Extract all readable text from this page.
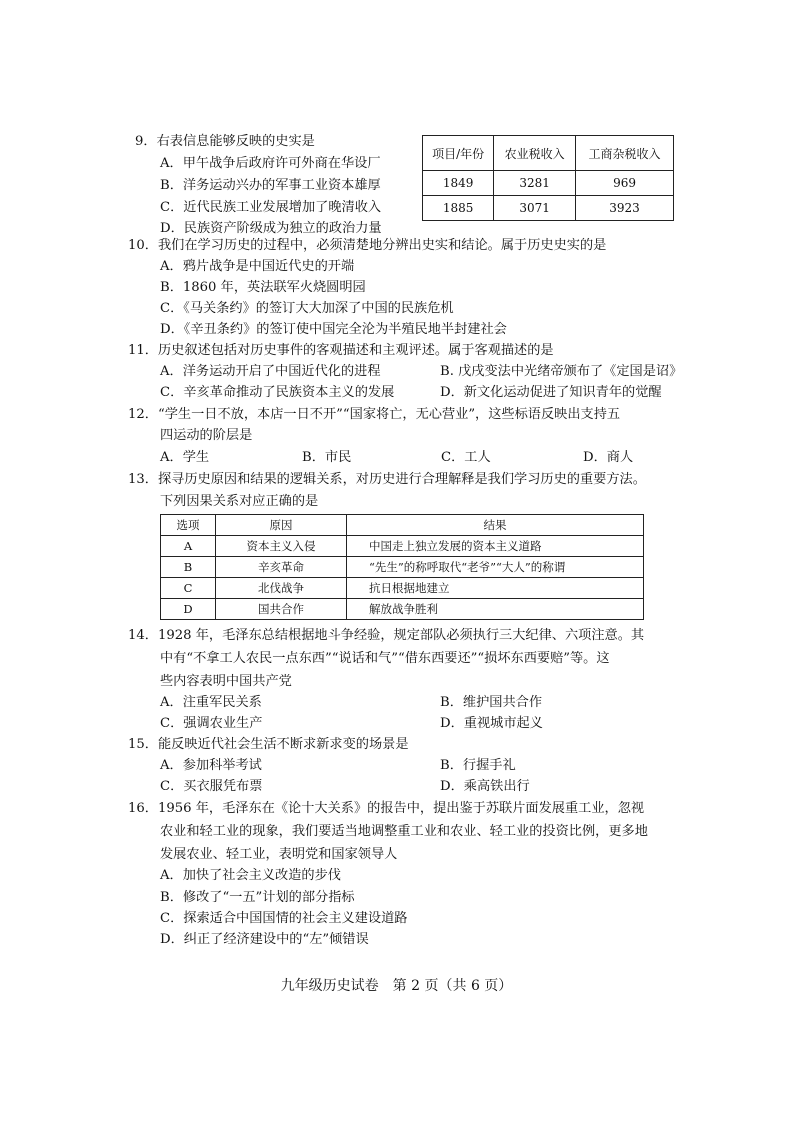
9．右表信息能够反映的史实是
A．甲午战争后政府许可外商在华设厂
B．洋务运动兴办的军事工业资本雄厚
C．近代民族工业发展增加了晚清收入
D．民族资产阶级成为独立的政治力量
项目/年份	农业税收入	工商杂税收入
1849	3281	969
1885	3071	3923
10．我们在学习历史的过程中，必须清楚地分辨出史实和结论。属于历史史实的是
A．鸦片战争是中国近代史的开端
B．1860 年，英法联军火烧圆明园
C．《马关条约》的签订大大加深了中国的民族危机
D．《辛丑条约》的签订使中国完全沦为半殖民地半封建社会
11．历史叙述包括对历史事件的客观描述和主观评述。属于客观描述的是
A．洋务运动开启了中国近代化的进程	B. 戊戌变法中光绪帝颁布了《定国是诏》
C．辛亥革命推动了民族资本主义的发展	D．新文化运动促进了知识青年的觉醒
12．“学生一日不放，本店一日不开”“国家将亡，无心营业”，这些标语反映出支持五
四运动的阶层是
A．学生	B．市民	C．工人	D．商人
13．探寻历史原因和结果的逻辑关系，对历史进行合理解释是我们学习历史的重要方法。
下列因果关系对应正确的是
选项	原因	结果
A	资本主义入侵	中国走上独立发展的资本主义道路
B	辛亥革命	“先生”的称呼取代“老爷”“大人”的称谓
C	北伐战争	抗日根据地建立
D	国共合作	解放战争胜利
14．1928 年，毛泽东总结根据地斗争经验，规定部队必须执行三大纪律、六项注意。其
中有“不拿工人农民一点东西”“说话和气”“借东西要还”“损坏东西要赔”等。这
些内容表明中国共产党
A．注重军民关系	B．维护国共合作
C．强调农业生产	D．重视城市起义
15．能反映近代社会生活不断求新求变的场景是
A．参加科举考试	B．行握手礼
C．买衣服凭布票	D．乘高铁出行
16．1956 年，毛泽东在《论十大关系》的报告中，提出鉴于苏联片面发展重工业，忽视
农业和轻工业的现象，我们要适当地调整重工业和农业、轻工业的投资比例，更多地
发展农业、轻工业，表明党和国家领导人
A．加快了社会主义改造的步伐
B．修改了“一五”计划的部分指标
C．探索适合中国国情的社会主义建设道路
D．纠正了经济建设中的“左”倾错误
九年级历史试卷　第 2 页（共 6 页）
